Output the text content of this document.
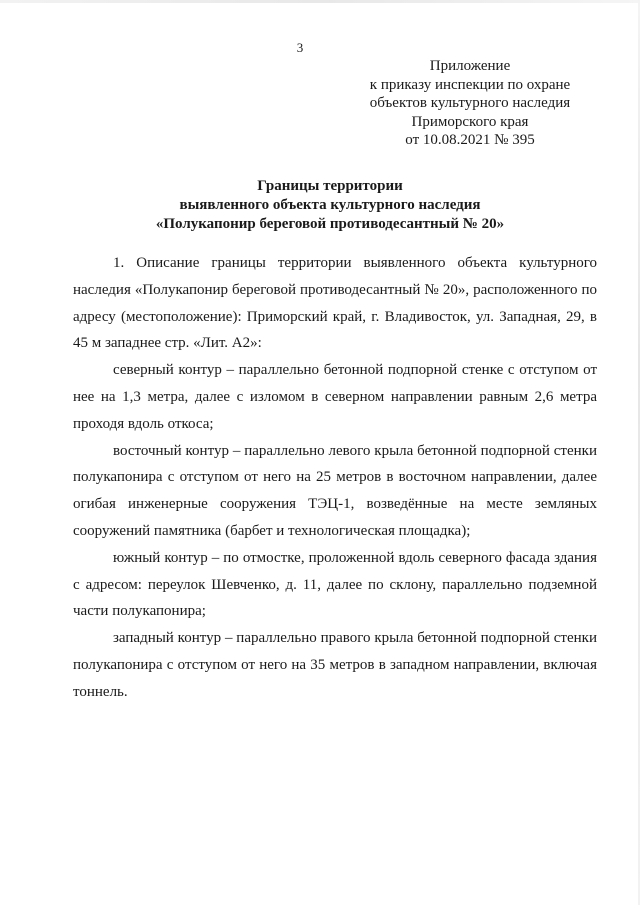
3
Приложение
к приказу инспекции по охране
объектов культурного наследия
Приморского края
от 10.08.2021 № 395
Границы территории
выявленного объекта культурного наследия
«Полукапонир береговой противодесантный № 20»

1. Описание границы территории выявленного объекта культурного наследия «Полукапонир береговой противодесантный № 20», расположенного по адресу (местоположение): Приморский край, г. Владивосток, ул. Западная, 29, в 45 м западнее стр. «Лит. А2»:

северный контур – параллельно бетонной подпорной стенке с отступом от нее на 1,3 метра, далее с изломом в северном направлении равным 2,6 метра проходя вдоль откоса;

восточный контур – параллельно левого крыла бетонной подпорной стенки полукапонира с отступом от него на 25 метров в восточном направлении, далее огибая инженерные сооружения ТЭЦ-1, возведённые на месте земляных сооружений памятника (барбет и технологическая площадка);

южный контур – по отмостке, проложенной вдоль северного фасада здания с адресом: переулок Шевченко, д. 11, далее по склону, параллельно подземной части полукапонира;

западный контур – параллельно правого крыла бетонной подпорной стенки полукапонира с отступом от него на 35 метров в западном направлении, включая тоннель.
